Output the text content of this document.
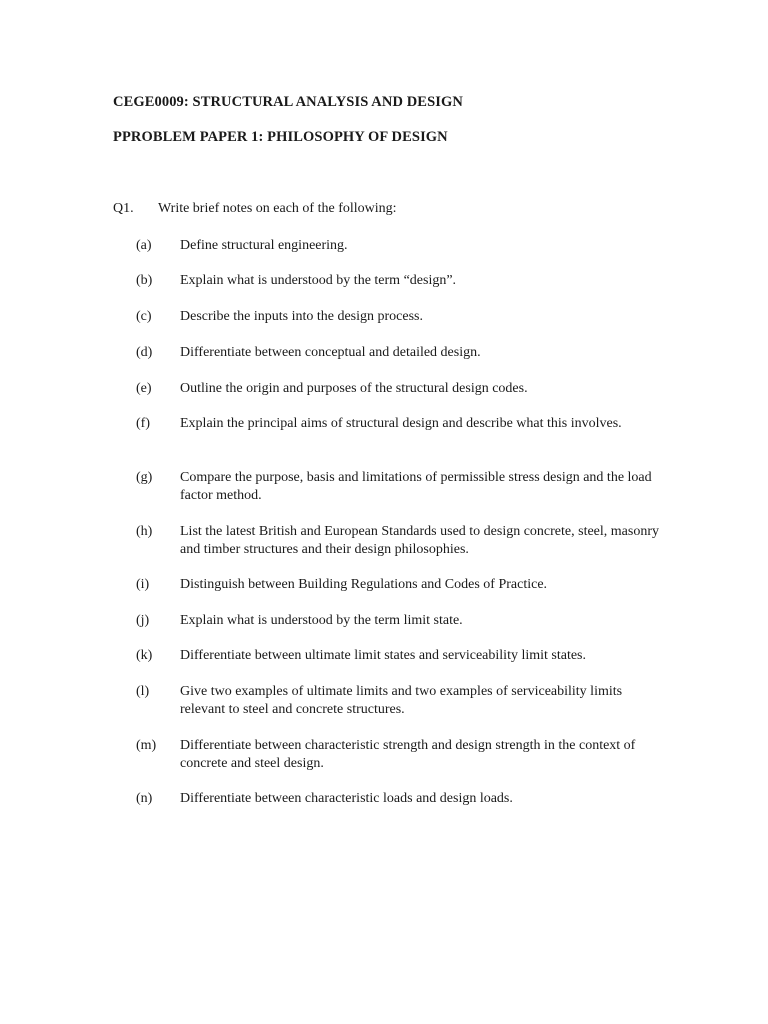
CEGE0009: STRUCTURAL ANALYSIS AND DESIGN
PPROBLEM PAPER 1: PHILOSOPHY OF DESIGN
Q1. Write brief notes on each of the following:
(a)	Define structural engineering.
(b)	Explain what is understood by the term “design”.
(c)	Describe the inputs into the design process.
(d)	Differentiate between conceptual and detailed design.
(e)	Outline the origin and purposes of the structural design codes.
(f)	Explain the principal aims of structural design and describe what this involves.
(g)	Compare the purpose, basis and limitations of permissible stress design and the load factor method.
(h)	List the latest British and European Standards used to design concrete, steel, masonry and timber structures and their design philosophies.
(i)	Distinguish between Building Regulations and Codes of Practice.
(j)	Explain what is understood by the term limit state.
(k)	Differentiate between ultimate limit states and serviceability limit states.
(l)	Give two examples of ultimate limits and two examples of serviceability limits relevant to steel and concrete structures.
(m)	Differentiate between characteristic strength and design strength in the context of concrete and steel design.
(n)	Differentiate between characteristic loads and design loads.
